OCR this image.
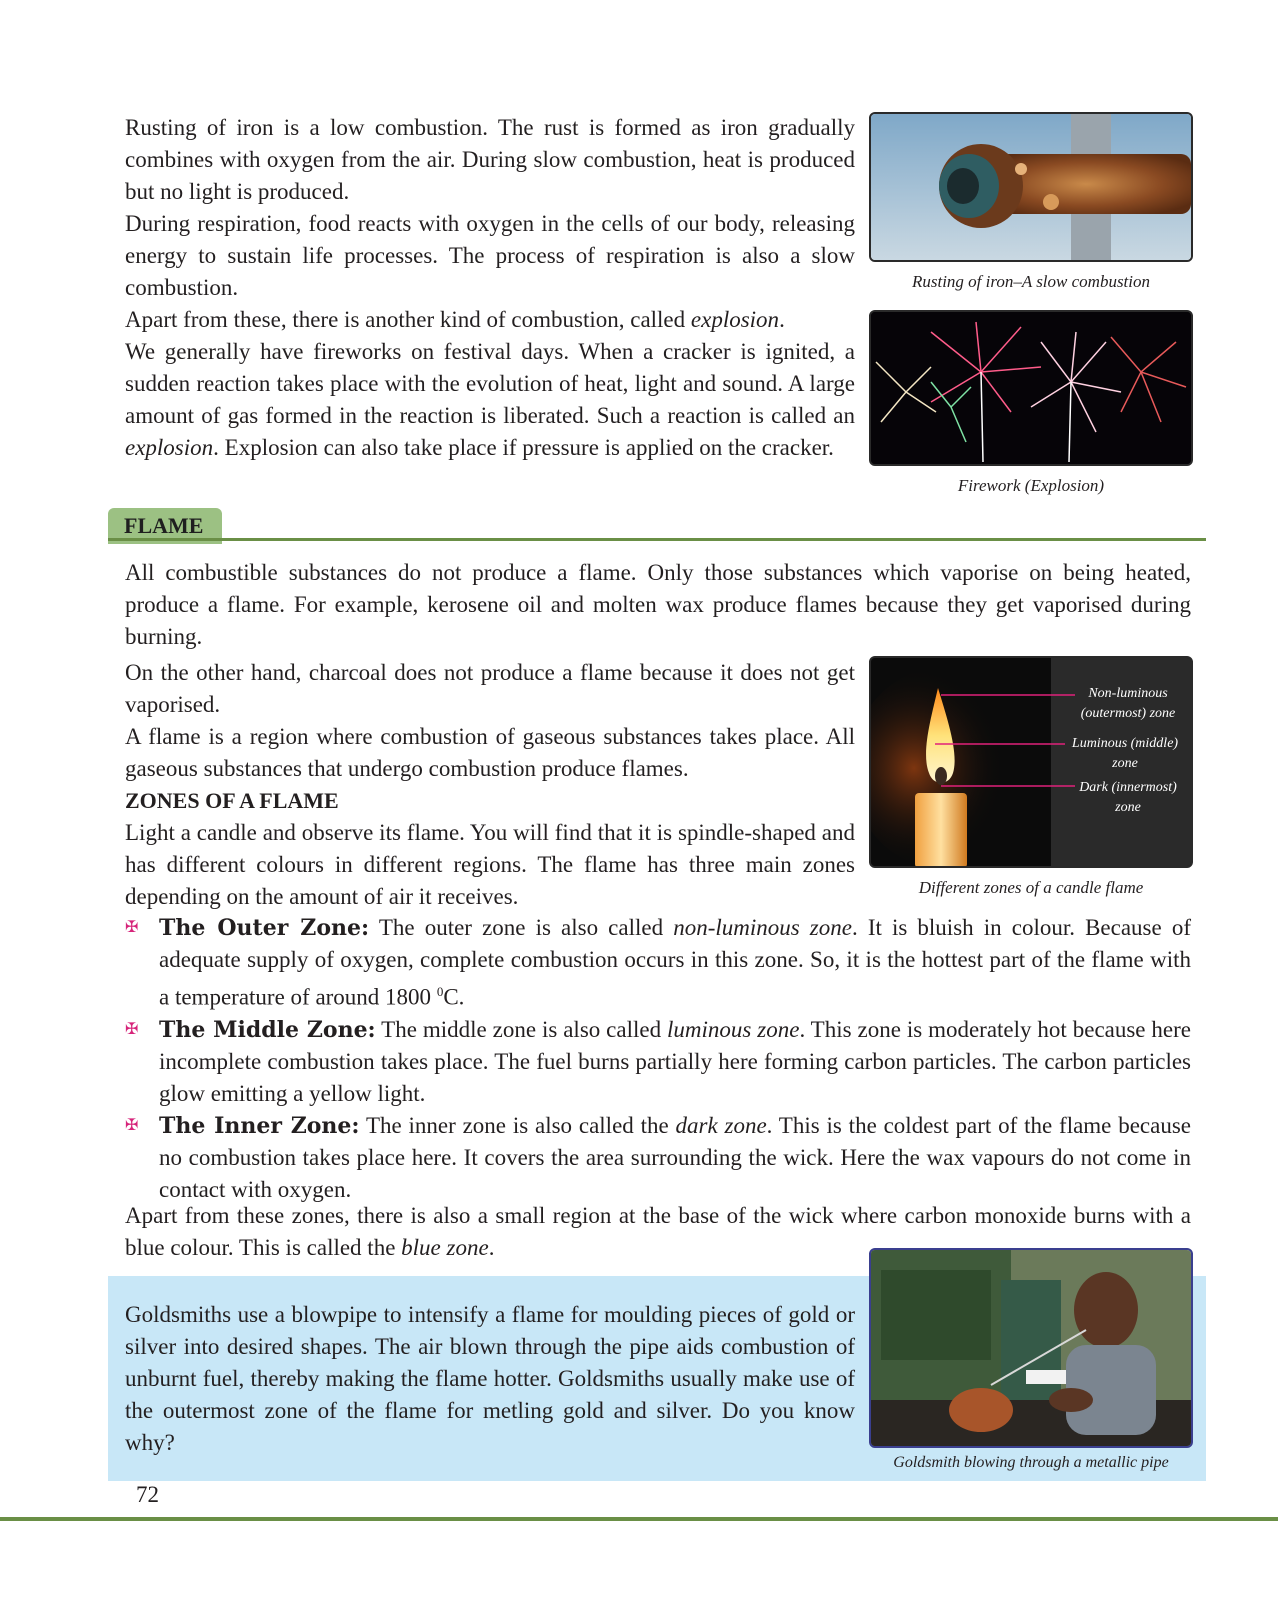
Rusting of iron is a low combustion. The rust is formed as iron gradually combines with oxygen from the air. During slow combustion, heat is produced but no light is produced.

During respiration, food reacts with oxygen in the cells of our body, releasing energy to sustain life processes. The process of respiration is also a slow combustion.

Apart from these, there is another kind of combustion, called explosion.

We generally have fireworks on festival days. When a cracker is ignited, a sudden reaction takes place with the evolution of heat, light and sound. A large amount of gas formed in the reaction is liberated. Such a reaction is called an explosion. Explosion can also take place if pressure is applied on the cracker.

Rusting of iron–A slow combustion
Firework (Explosion)
FLAME
All combustible substances do not produce a flame. Only those substances which vaporise on being heated, produce a flame. For example, kerosene oil and molten wax produce flames because they get vaporised during burning.

On the other hand, charcoal does not produce a flame because it does not get vaporised.

A flame is a region where combustion of gaseous substances takes place. All gaseous substances that undergo combustion produce flames.

ZONES OF A FLAME

Light a candle and observe its flame. You will find that it is spindle-shaped and has different colours in different regions. The flame has three main zones depending on the amount of air it receives.

Non-luminous (outermost) zone
Luminous (middle) zone
Dark (innermost) zone
Different zones of a candle flame
✠ The Outer Zone: The outer zone is also called non-luminous zone. It is bluish in colour. Because of adequate supply of oxygen, complete combustion occurs in this zone. So, it is the hottest part of the flame with a temperature of around 1800 $^0$C.
✠ The Middle Zone: The middle zone is also called luminous zone. This zone is moderately hot because here incomplete combustion takes place. The fuel burns partially here forming carbon particles. The carbon particles glow emitting a yellow light.
✠ The Inner Zone: The inner zone is also called the dark zone. This is the coldest part of the flame because no combustion takes place here. It covers the area surrounding the wick. Here the wax vapours do not come in contact with oxygen.
Apart from these zones, there is also a small region at the base of the wick where carbon monoxide burns with a blue colour. This is called the blue zone.
Goldsmiths use a blowpipe to intensify a flame for moulding pieces of gold or silver into desired shapes. The air blown through the pipe aids combustion of unburnt fuel, thereby making the flame hotter. Goldsmiths usually make use of the outermost zone of the flame for metling gold and silver. Do you know why?
Goldsmith blowing through a metallic pipe
72
